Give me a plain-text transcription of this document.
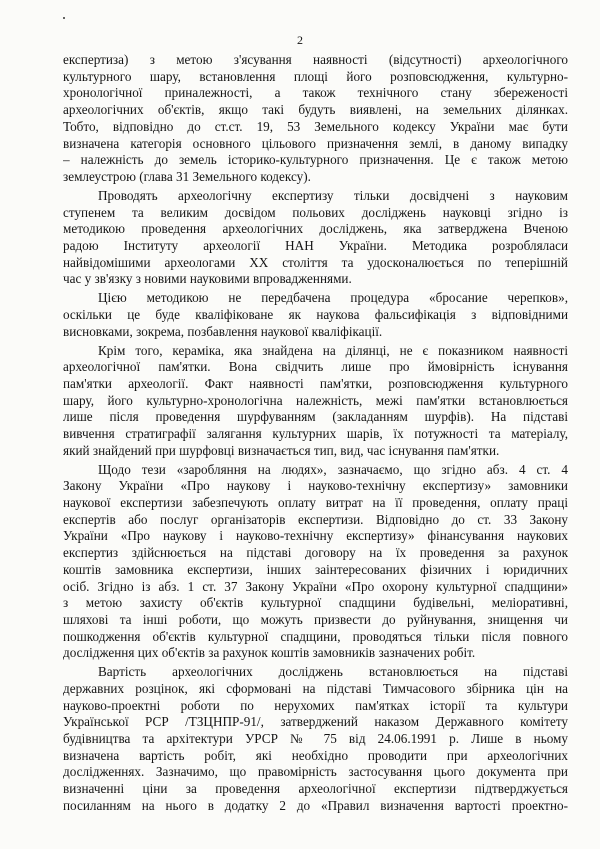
2
експертиза) з метою з'ясування наявності (відсутності) археологічного
культурного шару, встановлення площі його розповсюдження, культурно-
хронологічної приналежності, а також технічного стану збереженості
археологічних об'єктів, якщо такі будуть виявлені, на земельних ділянках.
Тобто, відповідно до ст.ст. 19, 53 Земельного кодексу України має бути
визначена категорія основного цільового призначення землі, в даному випадку
– належність до земель історико-культурного призначення. Це є також метою
землеустрою (глава 31 Земельного кодексу).
Проводять археологічну експертизу тільки досвідчені з науковим
ступенем та великим досвідом польових досліджень науковці згідно із
методикою проведення археологічних досліджень, яка затверджена Вченою
радою Інституту археології НАН України. Методика розробляласи
найвідомішими археологами ХХ століття та удосконалюється по теперішній
час у зв'язку з новими науковими впровадженнями.
Цією методикою не передбачена процедура «бросание черепков»,
оскільки це буде кваліфіковане як наукова фальсифікація з відповідними
висновками, зокрема, позбавлення наукової кваліфікації.
Крім того, кераміка, яка знайдена на ділянці, не є показником наявності
археологічної пам'ятки. Вона свідчить лише про ймовірність існування
пам'ятки археології. Факт наявності пам'ятки, розповсюдження культурного
шару, його культурно-хронологічна належність, межі пам'ятки встановлюється
лише після проведення шурфуванням (закладанням шурфів). На підставі
вивчення стратиграфії залягання культурних шарів, їх потужності та матеріалу,
який знайдений при шурфовці визначається тип, вид, час існування пам'ятки.
Щодо тези «заробляння на людях», зазначаємо, що згідно абз. 4 ст. 4
Закону України «Про наукову і науково-технічну експертизу» замовники
наукової експертизи забезпечують оплату витрат на її проведення, оплату праці
експертів або послуг організаторів експертизи. Відповідно до ст. 33 Закону
України «Про наукову і науково-технічну експертизу» фінансування наукових
експертиз здійснюється на підставі договору на їх проведення за рахунок
коштів замовника експертизи, інших заінтересованих фізичних і юридичних
осіб. Згідно із абз. 1 ст. 37 Закону України «Про охорону культурної спадщини»
з метою захисту об'єктів культурної спадщини будівельні, меліоративні,
шляхові та інші роботи, що можуть призвести до руйнування, знищення чи
пошкодження об'єктів культурної спадщини, проводяться тільки після повного
дослідження цих об'єктів за рахунок коштів замовників зазначених робіт.
Вартість археологічних досліджень встановлюється на підставі
державних розцінок, які сформовані на підставі Тимчасового збірника цін на
науково-проектні роботи по нерухомих пам'ятках історії та культури
Української РСР /ТЗЦНПР-91/, затверджений наказом Державного комітету
будівництва та архітектури УРСР № 75 від 24.06.1991 р. Лише в ньому
визначена вартість робіт, які необхідно проводити при археологічних
дослідженнях. Зазначимо, що правомірність застосування цього документа при
визначенні ціни за проведення археологічної експертизи підтверджується
посиланням на нього в додатку 2 до «Правил визначення вартості проектно-
